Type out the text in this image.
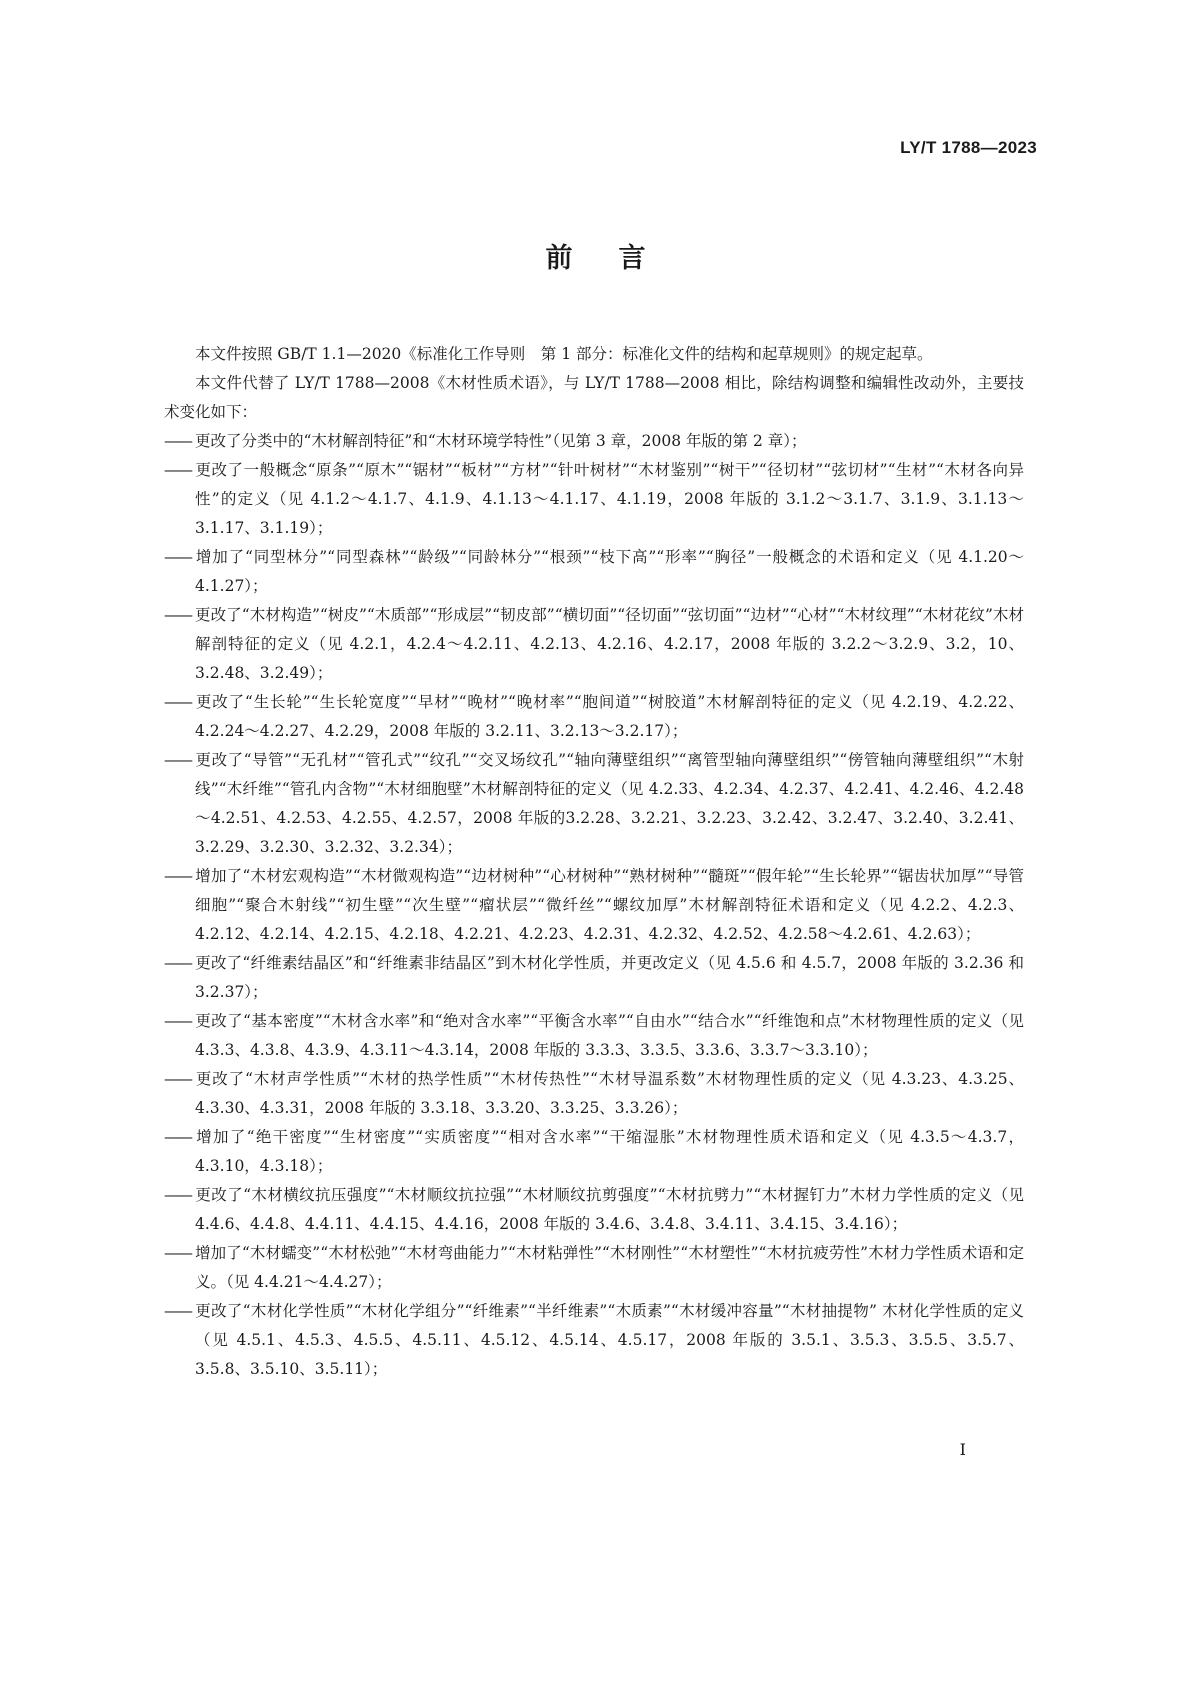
LY/T 1788—2023
前言

本文件按照 GB/T 1.1—2020《标准化工作导则　第 1 部分：标准化文件的结构和起草规则》的规定起草。

本文件代替了 LY/T 1788—2008《木材性质术语》，与 LY/T 1788—2008 相比，除结构调整和编辑性改动外，主要技术变化如下：

—— 更改了分类中的“木材解剖特征”和“木材环境学特性”（见第 3 章，2008 年版的第 2 章）；
—— 更改了一般概念“原条”“原木”“锯材”“板材”“方材”“针叶树材”“木材鉴别”“树干”“径切材”“弦切材”“生材”“木材各向异性”的定义（见 4.1.2～4.1.7、4.1.9、4.1.13～4.1.17、4.1.19，2008 年版的 3.1.2～3.1.7、3.1.9、3.1.13～3.1.17、3.1.19）；
—— 增加了“同型林分”“同型森林”“龄级”“同龄林分”“根颈”“枝下高”“形率”“胸径”一般概念的术语和定义（见 4.1.20～4.1.27）；
—— 更改了“木材构造”“树皮”“木质部”“形成层”“韧皮部”“横切面”“径切面”“弦切面”“边材”“心材”“木材纹理”“木材花纹”木材解剖特征的定义（见 4.2.1，4.2.4～4.2.11、4.2.13、4.2.16、4.2.17，2008 年版的 3.2.2～3.2.9、3.2，10、3.2.48、3.2.49）；
—— 更改了“生长轮”“生长轮宽度”“早材”“晚材”“晚材率”“胞间道”“树胶道”木材解剖特征的定义（见 4.2.19、4.2.22、4.2.24～4.2.27、4.2.29，2008 年版的 3.2.11、3.2.13～3.2.17）；
—— 更改了“导管”“无孔材”“管孔式”“纹孔”“交叉场纹孔”“轴向薄壁组织”“离管型轴向薄壁组织”“傍管轴向薄壁组织”“木射线”“木纤维”“管孔内含物”“木材细胞壁”木材解剖特征的定义（见 4.2.33、4.2.34、4.2.37、4.2.41、4.2.46、4.2.48～4.2.51、4.2.53、4.2.55、4.2.57，2008 年版的3.2.28、3.2.21、3.2.23、3.2.42、3.2.47、3.2.40、3.2.41、3.2.29、3.2.30、3.2.32、3.2.34）；
—— 增加了“木材宏观构造”“木材微观构造”“边材树种”“心材树种”“熟材树种”“髓斑”“假年轮”“生长轮界”“锯齿状加厚”“导管细胞”“聚合木射线”“初生壁”“次生壁”“瘤状层”“微纤丝”“螺纹加厚”木材解剖特征术语和定义（见 4.2.2、4.2.3、4.2.12、4.2.14、4.2.15、4.2.18、4.2.21、4.2.23、4.2.31、4.2.32、4.2.52、4.2.58～4.2.61、4.2.63）；
—— 更改了“纤维素结晶区”和“纤维素非结晶区”到木材化学性质，并更改定义（见 4.5.6 和 4.5.7，2008 年版的 3.2.36 和 3.2.37）；
—— 更改了“基本密度”“木材含水率”和“绝对含水率”“平衡含水率”“自由水”“结合水”“纤维饱和点”木材物理性质的定义（见 4.3.3、4.3.8、4.3.9、4.3.11～4.3.14，2008 年版的 3.3.3、3.3.5、3.3.6、3.3.7～3.3.10）；
—— 更改了“木材声学性质”“木材的热学性质”“木材传热性”“木材导温系数”木材物理性质的定义（见 4.3.23、4.3.25、4.3.30、4.3.31，2008 年版的 3.3.18、3.3.20、3.3.25、3.3.26）；
—— 增加了“绝干密度”“生材密度”“实质密度”“相对含水率”“干缩湿胀”木材物理性质术语和定义（见 4.3.5～4.3.7，4.3.10，4.3.18）；
—— 更改了“木材横纹抗压强度”“木材顺纹抗拉强”“木材顺纹抗剪强度”“木材抗劈力”“木材握钉力”木材力学性质的定义（见 4.4.6、4.4.8、4.4.11、4.4.15、4.4.16，2008 年版的 3.4.6、3.4.8、3.4.11、3.4.15、3.4.16）；
—— 增加了“木材蠕变”“木材松弛”“木材弯曲能力”“木材粘弹性”“木材刚性”“木材塑性”“木材抗疲劳性”木材力学性质术语和定义。（见 4.4.21～4.4.27）；
—— 更改了“木材化学性质”“木材化学组分”“纤维素”“半纤维素”“木质素”“木材缓冲容量”“木材抽提物” 木材化学性质的定义（见 4.5.1、4.5.3、4.5.5、4.5.11、4.5.12、4.5.14、4.5.17，2008 年版的 3.5.1、3.5.3、3.5.5、3.5.7、3.5.8、3.5.10、3.5.11）；
I
